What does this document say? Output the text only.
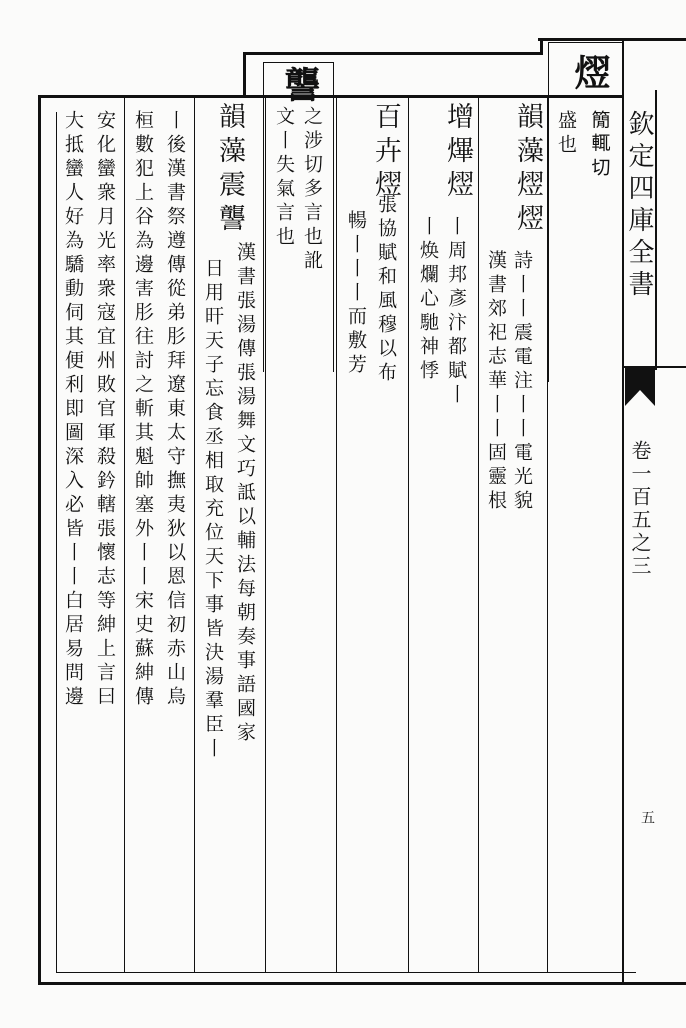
欽定四庫全書
卷一百五之三
五
熤
𥳑輒切
盛也
韻藻熤熤
詩丨丨震電注丨丨電光貌
漢書郊祀志華丨丨固靈根
增熚熤
丨周邦彥汴都賦丨
丨焕爛心馳神悸
百卉熤
張協賦和風穆以布
暢丨丨丨而敷芳
讋
之涉切多言也訛
文丨失氣言也
韻藻震讋
漢書張湯傳張湯舞文巧詆以輔法每朝奏事語國家
日用旰天子忘食丞相取充位天下事皆決湯羣臣丨
丨後漢書祭遵傳從弟肜拜遼東太守撫夷狄以恩信初赤山烏
桓數犯上谷為邊害肜往討之斬其魁帥塞外丨丨宋史蘇紳傳
安化蠻衆月光率衆寇宜州敗官軍殺鈐轄張懷志等紳上言曰
大抵蠻人好為驕動伺其便利即圖深入必皆丨丨白居易問邊
